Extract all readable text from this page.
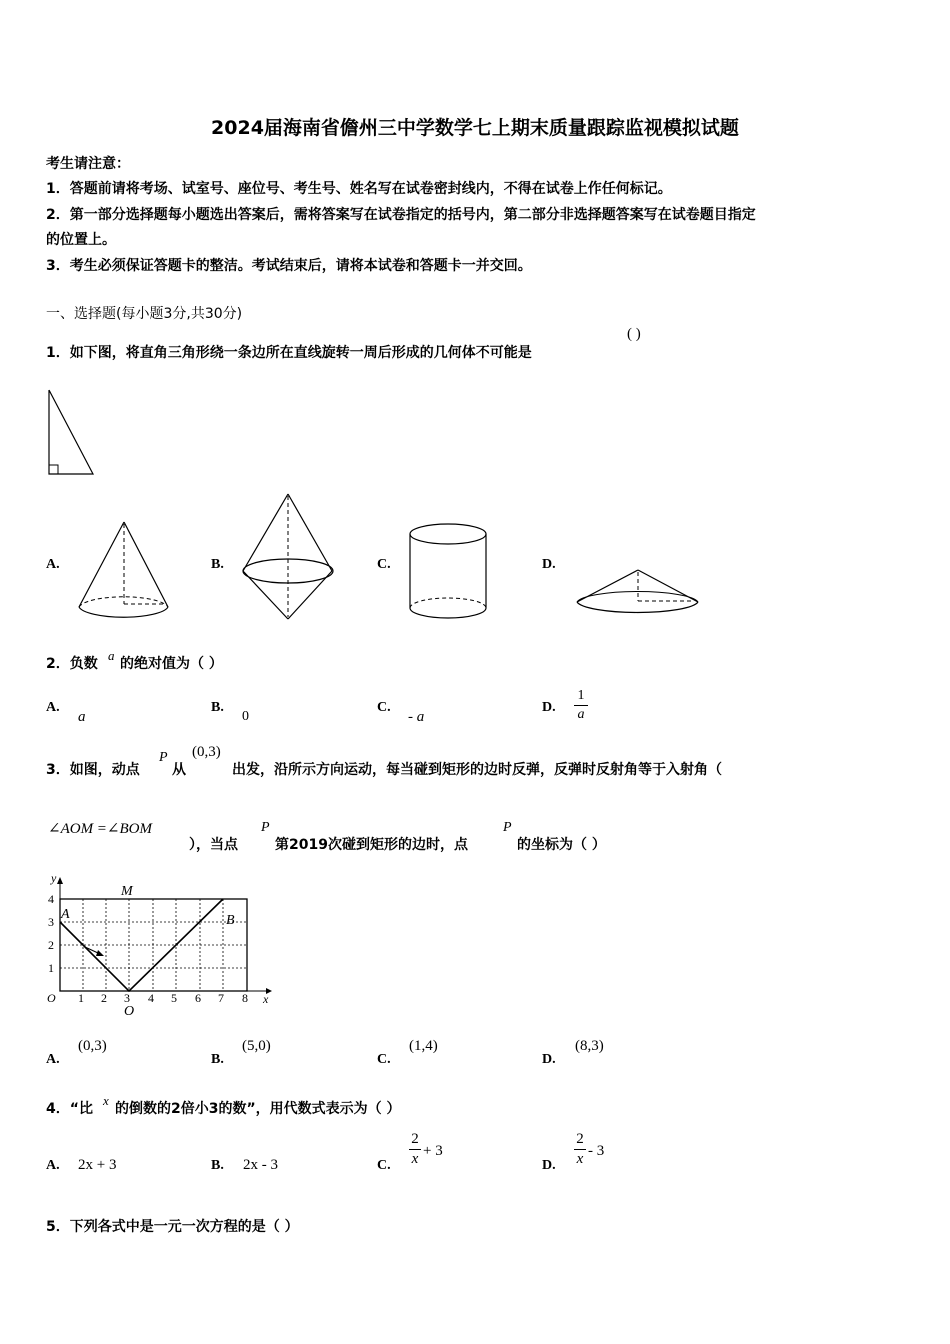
2024届海南省儋州三中学数学七上期末质量跟踪监视模拟试题
考生请注意：
1．答题前请将考场、试室号、座位号、考生号、姓名写在试卷密封线内，不得在试卷上作任何标记。
2．第一部分选择题每小题选出答案后，需将答案写在试卷指定的括号内，第二部分非选择题答案写在试卷题目指定
的位置上。
3．考生必须保证答题卡的整洁。考试结束后，请将本试卷和答题卡一并交回。
一、选择题(每小题3分,共30分)
1．如下图，将直角三角形绕一条边所在直线旋转一周后形成的几何体不可能是
( )
A.	B.	C.	D.
2．负数
a
的绝对值为（ ）
A.
a
B.
0
C.
- a
D.
1
a
3．如图，动点
P
从
(0,3)
出发，沿所示方向运动，每当碰到矩形的边时反弹，反弹时反射角等于入射角（
∠AOM =∠BOM
），当点
P
第2019次碰到矩形的边时，点
P
的坐标为（ ）
y
x
O
O
A	B
M
1 2 3 4 5 6 7 8
1
2
3
4
A.
(0,3)
B.
(5,0)
C.
(1,4)
D.
(8,3)
4．“比
x
的倒数的2倍小3的数”，用代数式表示为（ ）
A. 2x + 3	B. 2x - 3	C.
2
x + 3
D.
2
x - 3
5．下列各式中是一元一次方程的是（ ）
